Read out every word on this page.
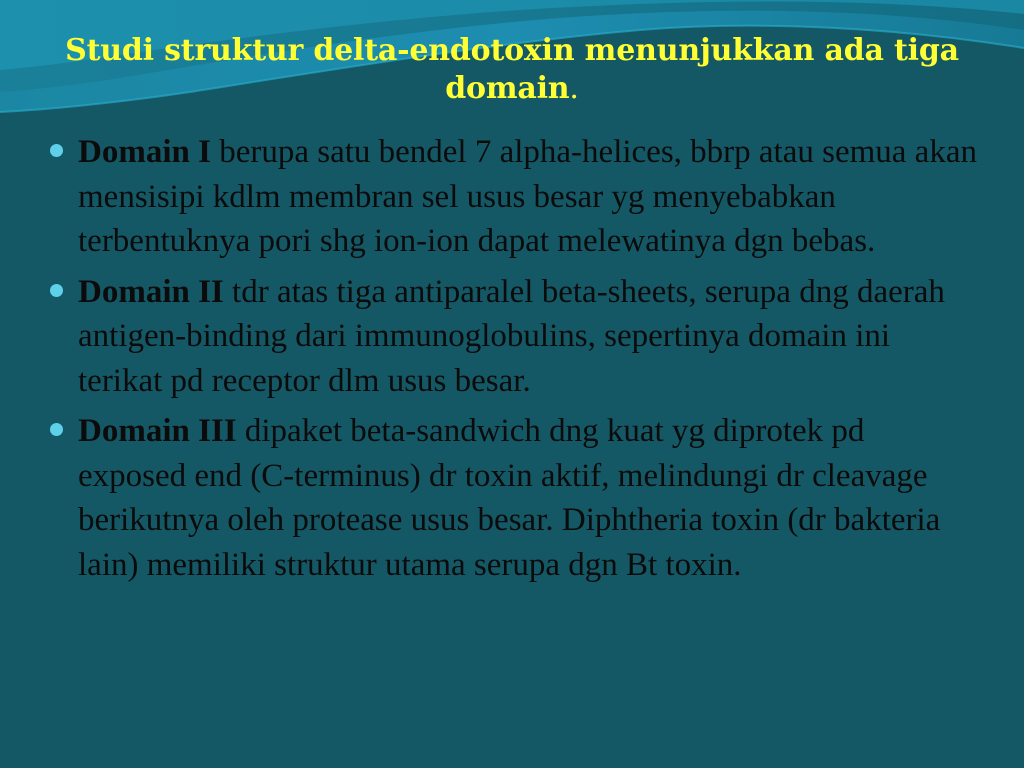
Studi struktur delta-endotoxin menunjukkan ada tiga domain.
Domain I berupa satu bendel 7 alpha-helices, bbrp atau semua akan mensisipi kdlm membran sel usus besar yg menyebabkan terbentuknya pori shg ion-ion dapat melewatinya dgn bebas.
Domain II tdr atas tiga antiparalel beta-sheets, serupa dng daerah antigen-binding dari immunoglobulins, sepertinya domain ini terikat pd receptor dlm usus besar.
Domain III dipaket beta-sandwich dng kuat yg diprotek pd exposed end (C-terminus) dr toxin aktif, melindungi dr cleavage berikutnya oleh protease usus besar. Diphtheria toxin (dr bakteria lain) memiliki struktur utama serupa dgn Bt toxin.
